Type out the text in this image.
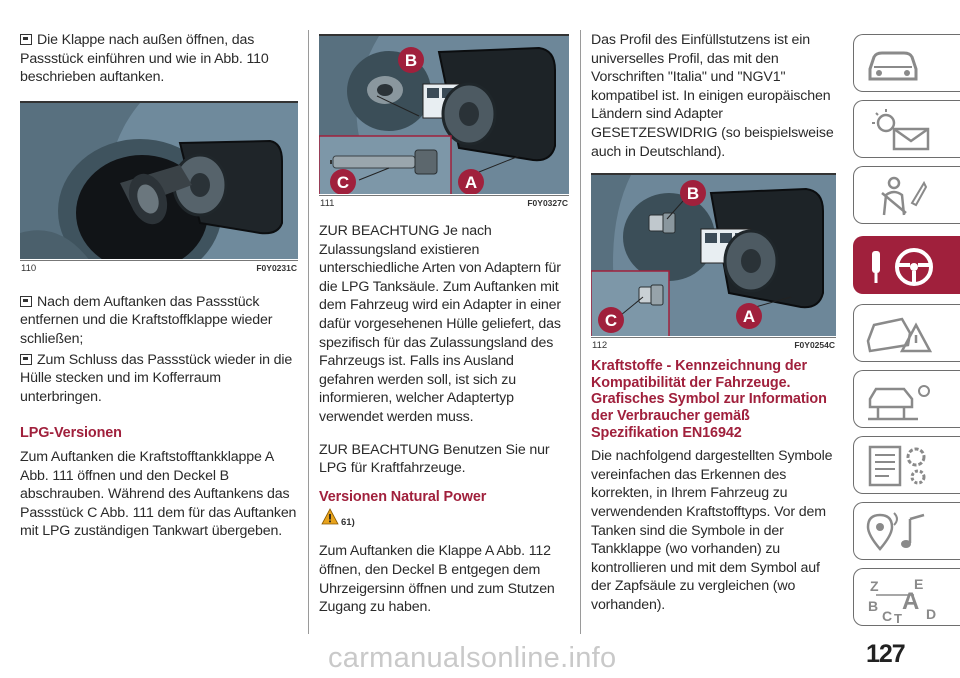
Die Klappe nach außen öffnen, das Passstück einführen und wie in Abb. 110 beschrieben auftanken.

110	F0Y0231C

Nach dem Auftanken das Passstück entfernen und die Kraftstoffklappe wieder schließen;

Zum Schluss das Passstück wieder in die Hülle stecken und im Kofferraum unterbringen.

LPG-Versionen

Zum Auftanken die Kraftstofftankklappe A Abb. 111 öffnen und den Deckel B abschrauben. Während des Auftankens das Passstück C Abb. 111 dem für das Auftanken mit LPG zuständigen Tankwart übergeben.

B
A
C
111	F0Y0327C

ZUR BEACHTUNG Je nach Zulassungsland existieren unterschiedliche Arten von Adaptern für die LPG Tanksäule. Zum Auftanken mit dem Fahrzeug wird ein Adapter in einer dafür vorgesehenen Hülle geliefert, das spezifisch für das Zulassungsland des Fahrzeugs ist. Falls ins Ausland gefahren werden soll, ist sich zu informieren, welcher Adaptertyp verwendet werden muss.

ZUR BEACHTUNG Benutzen Sie nur LPG für Kraftfahrzeuge.

Versionen Natural Power
61)

Zum Auftanken die Klappe A Abb. 112 öffnen, den Deckel B entgegen dem Uhrzeigersinn öffnen und zum Stutzen Zugang zu haben.

Das Profil des Einfüllstutzens ist ein universelles Profil, das mit den Vorschriften "Italia" und "NGV1" kompatibel ist. In einigen europäischen Ländern sind Adapter GESETZESWIDRIG (so beispielsweise auch in Deutschland).

B
A
C
112	F0Y0254C
Kraftstoffe - Kennzeichnung der Kompatibilität der Fahrzeuge. Grafisches Symbol zur Information der Verbraucher gemäß Spezifikation EN16942

Die nachfolgend dargestellten Symbole vereinfachen das Erkennen des korrekten, in Ihrem Fahrzeug zu verwendenden Kraftstofftyps. Vor dem Tanken sind die Symbole in der Tankklappe (wo vorhanden) zu kontrollieren und mit dem Symbol auf der Zapfsäule zu vergleichen (wo vorhanden).

Z	E
B A
C T D
carmanualsonline.info	127
